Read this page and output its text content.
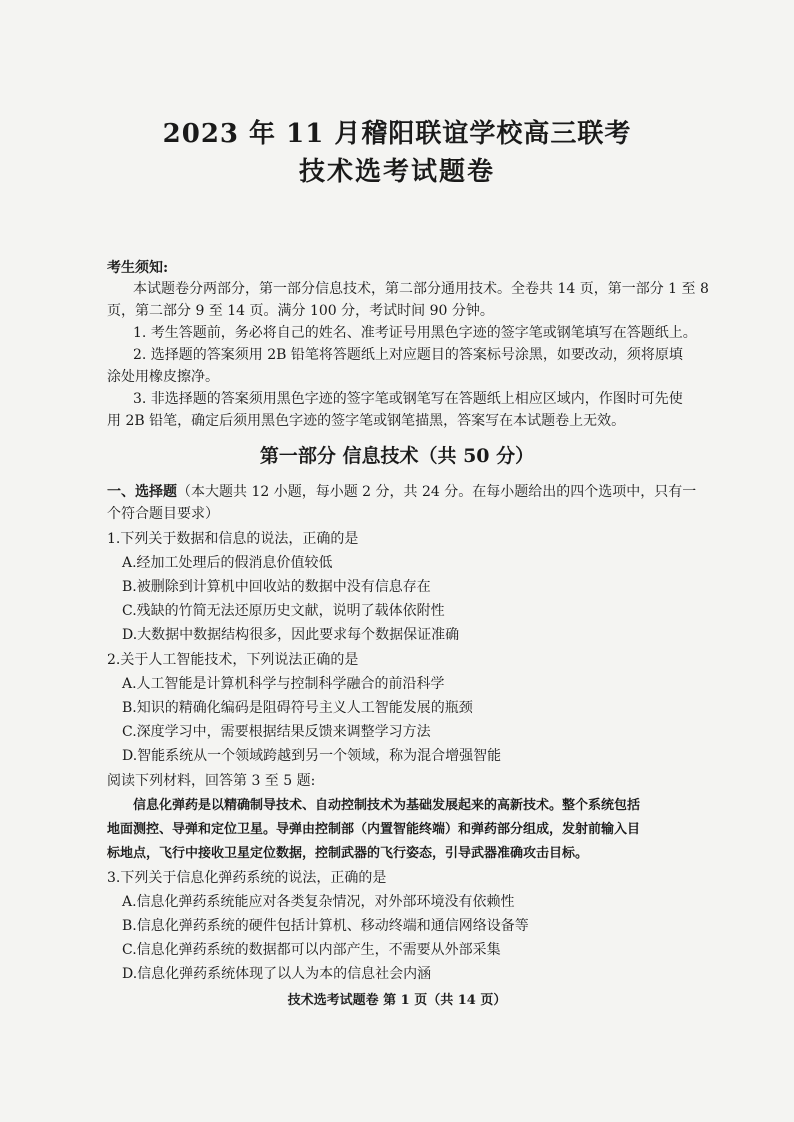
2023 年 11 月稽阳联谊学校高三联考
技术选考试题卷
考生须知:
本试题卷分两部分，第一部分信息技术，第二部分通用技术。全卷共 14 页，第一部分 1 至 8
页，第二部分 9 至 14 页。满分 100 分，考试时间 90 分钟。
1. 考生答题前，务必将自己的姓名、准考证号用黑色字迹的签字笔或钢笔填写在答题纸上。
2. 选择题的答案须用 2B 铅笔将答题纸上对应题目的答案标号涂黑，如要改动，须将原填
涂处用橡皮擦净。
3. 非选择题的答案须用黑色字迹的签字笔或钢笔写在答题纸上相应区域内，作图时可先使
用 2B 铅笔，确定后须用黑色字迹的签字笔或钢笔描黑，答案写在本试题卷上无效。
第一部分 信息技术（共 50 分）
一、选择题（本大题共 12 小题，每小题 2 分，共 24 分。在每小题给出的四个选项中，只有一
个符合题目要求）
1.下列关于数据和信息的说法，正确的是
A.经加工处理后的假消息价值较低
B.被删除到计算机中回收站的数据中没有信息存在
C.残缺的竹简无法还原历史文献，说明了载体依附性
D.大数据中数据结构很多，因此要求每个数据保证准确
2.关于人工智能技术，下列说法正确的是
A.人工智能是计算机科学与控制科学融合的前沿科学
B.知识的精确化编码是阻碍符号主义人工智能发展的瓶颈
C.深度学习中，需要根据结果反馈来调整学习方法
D.智能系统从一个领域跨越到另一个领域，称为混合增强智能
阅读下列材料，回答第 3 至 5 题:
信息化弹药是以精确制导技术、自动控制技术为基础发展起来的高新技术。整个系统包括
地面测控、导弹和定位卫星。导弹由控制部（内置智能终端）和弹药部分组成，发射前输入目
标地点，飞行中接收卫星定位数据，控制武器的飞行姿态，引导武器准确攻击目标。
3.下列关于信息化弹药系统的说法，正确的是
A.信息化弹药系统能应对各类复杂情况，对外部环境没有依赖性
B.信息化弹药系统的硬件包括计算机、移动终端和通信网络设备等
C.信息化弹药系统的数据都可以内部产生，不需要从外部采集
D.信息化弹药系统体现了以人为本的信息社会内涵
技术选考试题卷 第 1 页（共 14 页）
